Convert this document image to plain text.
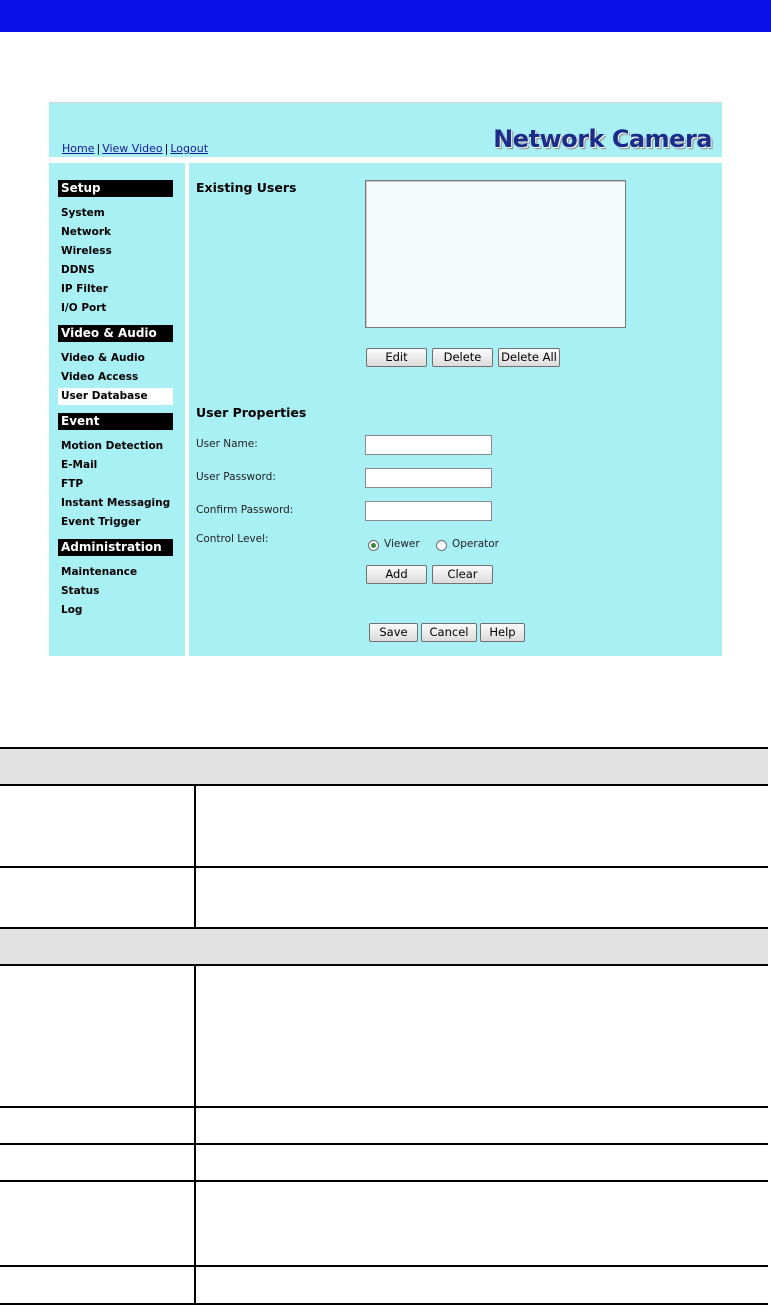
Home | View Video | Logout	Network Camera
Setup
System
Network
Wireless
DDNS
IP Filter
I/O Port
Video & Audio
Video & Audio
Video Access
User Database
Event
Motion Detection
E-Mail
FTP
Instant Messaging
Event Trigger
Administration
Maintenance
Status
Log
Existing Users
Edit	Delete	Delete All
User Properties
User Name:
User Password:
Confirm Password:
Control Level:	Viewer	Operator
Add	Clear
Save	Cancel	Help
